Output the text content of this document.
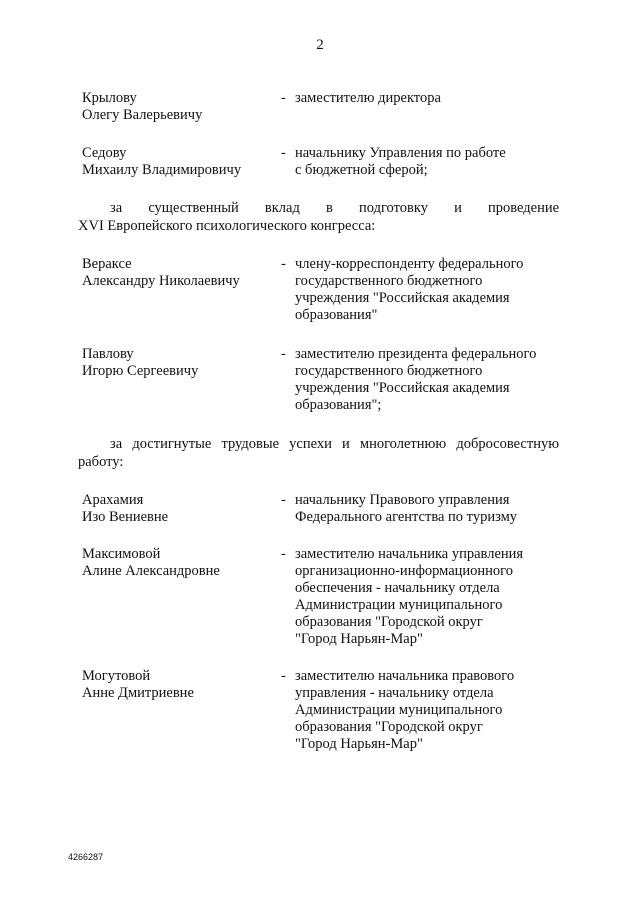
2
Крылову
Олегу Валерьевичу
- заместителю директора
Седову
Михаилу Владимировичу
- начальнику Управления по работе
с бюджетной сферой;
за существенный вклад в подготовку и проведение
XVI Европейского психологического конгресса:
Вераксе
Александру Николаевичу
- члену-корреспонденту федерального
государственного бюджетного
учреждения "Российская академия
образования"
Павлову
Игорю Сергеевичу
- заместителю президента федерального
государственного бюджетного
учреждения "Российская академия
образования";
за достигнутые трудовые успехи и многолетнюю добросовестную
работу:
Арахамия
Изо Вениевне
- начальнику Правового управления
Федерального агентства по туризму
Максимовой
Алине Александровне
- заместителю начальника управления
организационно-информационного
обеспечения - начальнику отдела
Администрации муниципального
образования "Городской округ
"Город Нарьян-Мар"
Могутовой
Анне Дмитриевне
- заместителю начальника правового
управления - начальнику отдела
Администрации муниципального
образования "Городской округ
"Город Нарьян-Мар"
4266287
